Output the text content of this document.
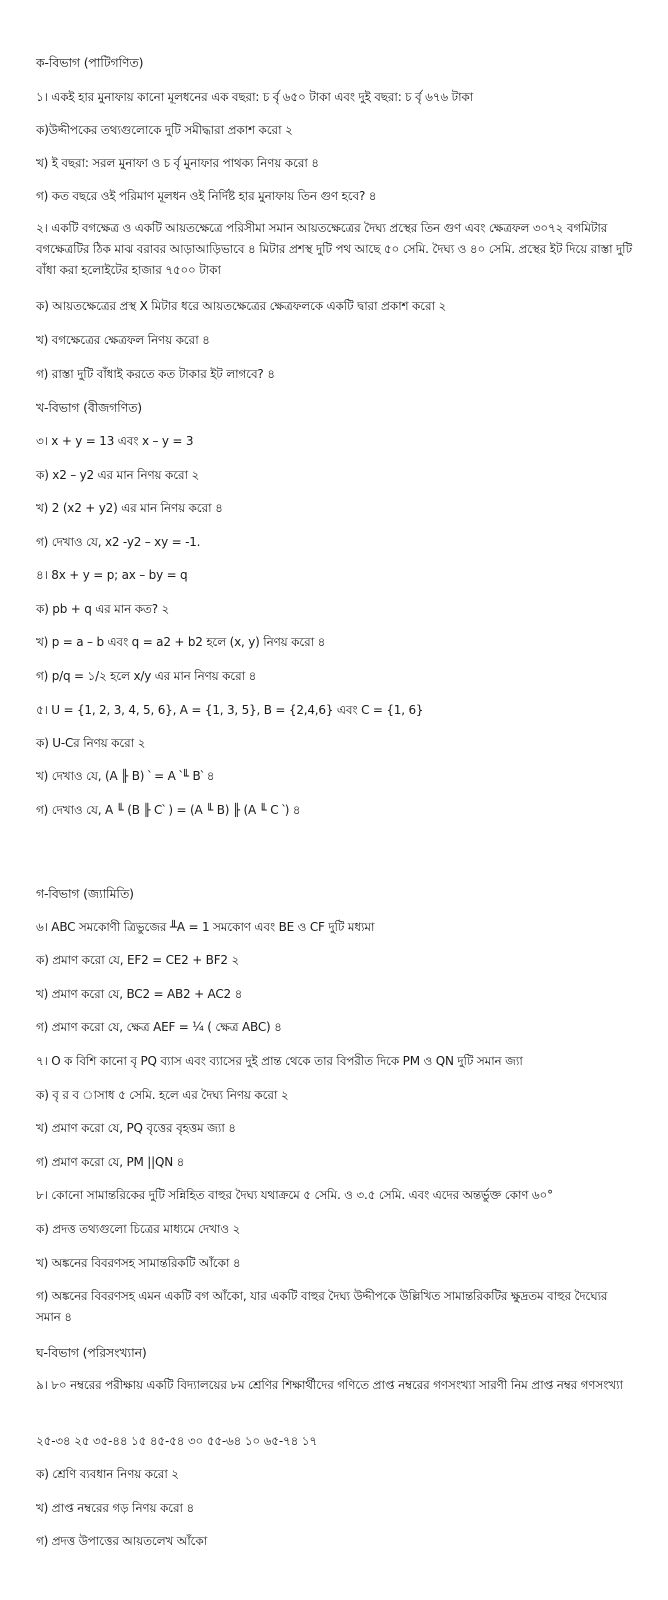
ক-বিভাগ (পাটিগণিত)
১। একই হার মুনাফায় কানো মূলধনের এক বছরা: চ র্বৃ ৬৫০ টাকা এবং দুই বছরা: চ র্বৃ ৬৭৬ টাকা
ক)উদ্দীপকের তথ্যগুলোকে দুটি সমীদ্ধারা প্রকাশ করো ২
খ) ই বছরা: সরল মুনাফা ও চ র্বৃ মুনাফার পাথক্য নিণয় করো ৪
গ) কত বছরে ওই পরিমাণ মূলধন ওই নির্দিষ্ট হার মুনাফায় তিন গুণ হবে? ৪
২। একটি বগক্ষেত্র ও একটি আয়তক্ষেত্রে পরিসীমা সমান আয়তক্ষেত্রের দৈঘ্য প্রস্থের তিন গুণ এবং ক্ষেত্রফল ৩০৭২ বগমিটার বগক্ষেত্রটির ঠিক মাঝ বরাবর আড়াআড়িভাবে ৪ মিটার প্রশস্থ দুটি পথ আছে ৫০ সেমি. দৈঘ্য ও ৪০ সেমি. প্রস্থের ইট দিয়ে রাস্তা দুটি বাঁধা করা হলোইটের হাজার ৭৫০০ টাকা
ক) আয়তক্ষেত্রের প্রস্থ X মিটার ধরে আয়তক্ষেত্রের ক্ষেত্রফলকে একটি দ্বারা প্রকাশ করো ২
খ) বগক্ষেত্রের ক্ষেত্রফল নিণয় করো ৪
গ) রাস্তা দুটি বাঁধাই করতে কত টাকার ইট লাগবে? ৪
খ-বিভাগ (বীজগণিত)
৩। x + y = 13 এবং x – y = 3
ক) x2 – y2 এর মান নিণয় করো ২
খ) 2 (x2 + y2) এর মান নিণয় করো ৪
গ) দেখাও যে, x2 -y2 – xy = -1.
৪। 8x + y = p; ax – by = q
ক) pb + q এর মান কত? ২
খ) p = a – b এবং q = a2 + b2 হলে (x, y) নিণয় করো ৪
গ) p/q = ১/২ হলে x/y এর মান নিণয় করো ৪
৫। U = {1, 2, 3, 4, 5, 6}, A = {1, 3, 5}, B = {2,4,6} এবং C = {1, 6}
ক) U-Cর নিণয় করো ২
খ) দেখাও যে, (A ╟ B) ՝ = A ՝╙ B՝ ৪
গ) দেখাও যে, A ╙ (B ╟ C՝ ) = (A ╙ B) ╟ (A ╙ C ՝) ৪
গ-বিভাগ (জ্যামিতি)
৬। ABC সমকোণী ত্রিভুজের ╨A = 1 সমকোণ এবং BE ও CF দুটি মধ্যমা
ক) প্রমাণ করো যে, EF2 = CE2 + BF2 ২
খ) প্রমাণ করো যে, BC2 = AB2 + AC2 ৪
গ) প্রমাণ করো যে, ক্ষেত্র AEF = ¼ ( ক্ষেত্র ABC) ৪
৭। O ক বিশি কানো বৃ PQ ব্যাস এবং ব্যাসের দুই প্রান্ত থেকে তার বিপরীত দিকে PM ও QN দুটি সমান জ্যা
ক) বৃ র ব াসাধ ৫ সেমি. হলে এর দৈঘ্য নিণয় করো ২
খ) প্রমাণ করো যে, PQ বৃত্তের বৃহত্তম জ্যা ৪
গ) প্রমাণ করো যে, PM ||QN ৪
৮। কোনো সামান্তরিকের দুটি সন্নিহিত বাহুর দৈঘ্য যথাক্রমে ৫ সেমি. ও ৩.৫ সেমি. এবং এদের অন্তর্ভুক্ত কোণ ৬০°
ক) প্রদত্ত তথ্যগুলো চিত্রের মাধ্যমে দেখাও ২
খ) অঙ্কনের বিবরণসহ সামান্তরিকটি আঁকো ৪
গ) অঙ্কনের বিবরণসহ এমন একটি বগ আঁকো, যার একটি বাহুর দৈঘ্য উদ্দীপকে উল্লিখিত সামান্তরিকটির ক্ষুদ্রতম বাহুর দৈঘ্যের সমান ৪
ঘ-বিভাগ (পরিসংখ্যান)
৯। ৮০ নম্বরের পরীক্ষায় একটি বিদ্যালয়ের ৮ম শ্রেণির শিক্ষার্থীদের গণিতে প্রাপ্ত নম্বরের গণসংখ্যা সারণী নিম প্রাপ্ত নম্বর গণসংখ্যা
২৫-৩৪ ২৫ ৩৫-৪৪ ১৫ ৪৫-৫৪ ৩০ ৫৫-৬৪ ১০ ৬৫-৭৪ ১৭
ক) শ্রেণি ব্যবধান নিণয় করো ২
খ) প্রাপ্ত নম্বরের গড় নিণয় করো ৪
গ) প্রদত্ত উপাত্তের আয়তলেখ আঁকো
